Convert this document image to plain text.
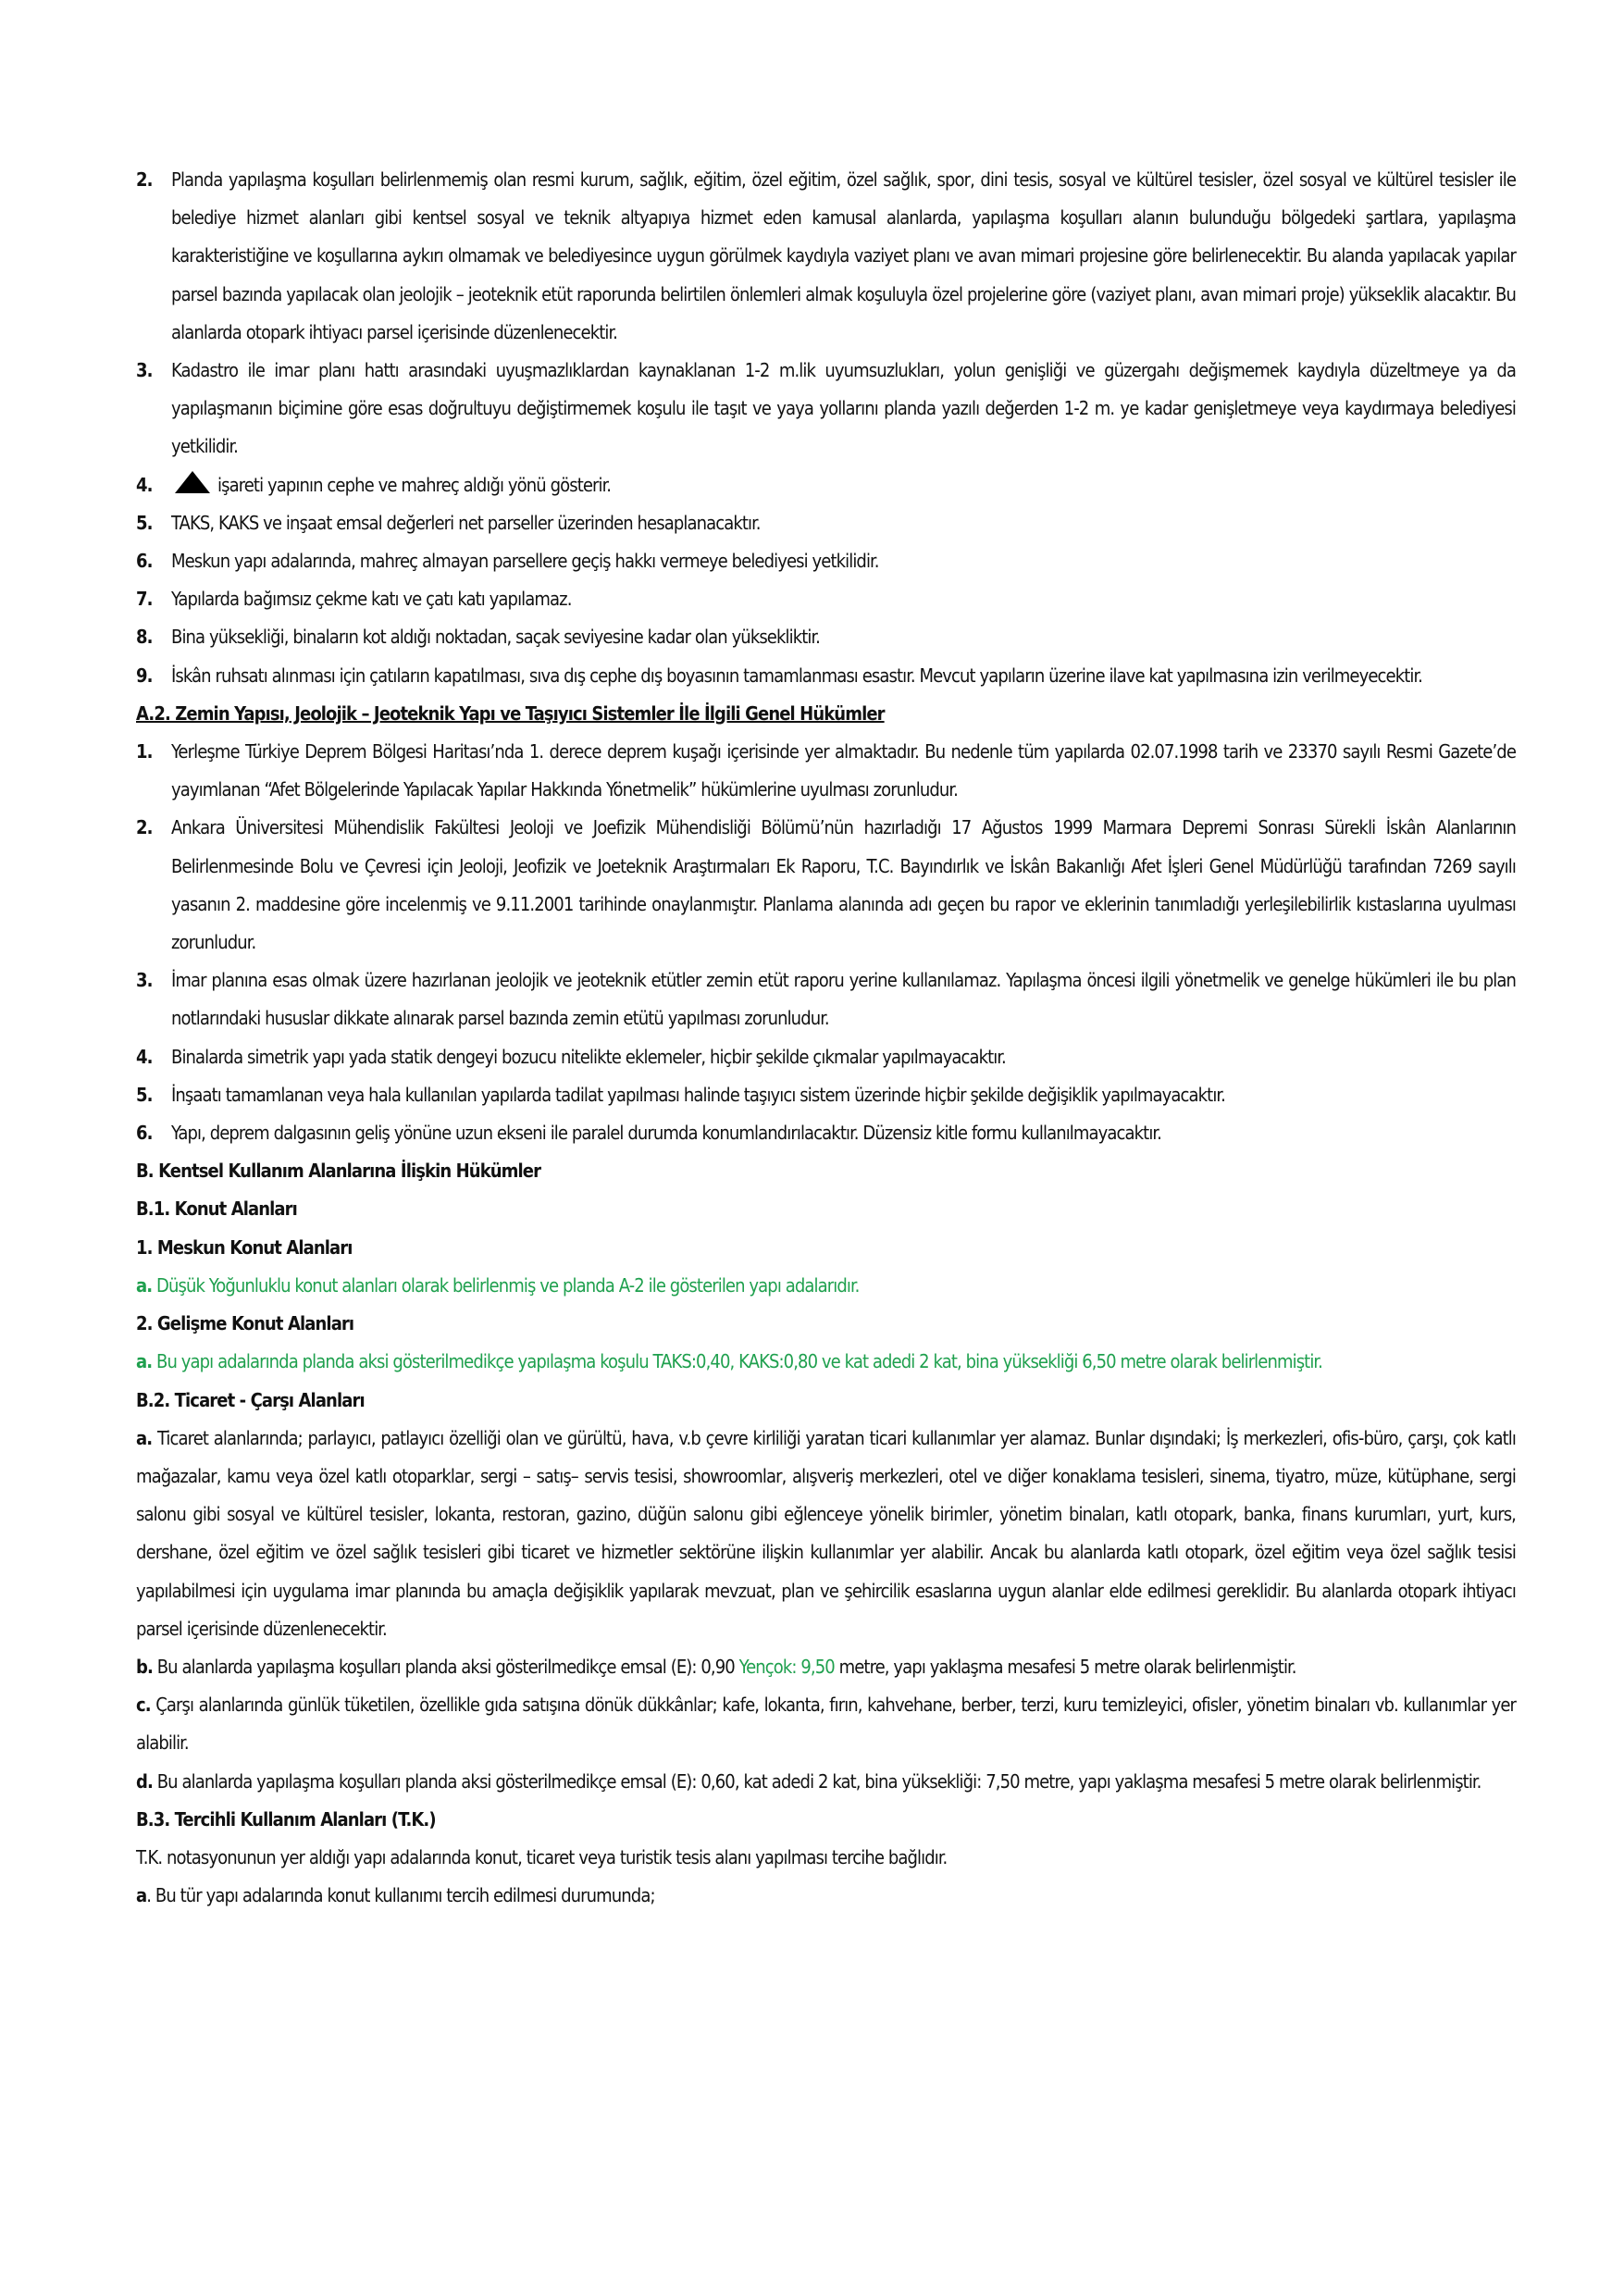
2.	Planda yapılaşma koşulları belirlenmemiş olan resmi kurum, sağlık, eğitim, özel eğitim, özel sağlık, spor, dini tesis, sosyal ve kültürel tesisler, özel sosyal ve kültürel tesisler ile belediye hizmet alanları gibi kentsel sosyal ve teknik altyapıya hizmet eden kamusal alanlarda, yapılaşma koşulları alanın bulunduğu bölgedeki şartlara, yapılaşma karakteristiğine ve koşullarına aykırı olmamak ve belediyesince uygun görülmek kaydıyla vaziyet planı ve avan mimari projesine göre belirlenecektir. Bu alanda yapılacak yapılar parsel bazında yapılacak olan jeolojik – jeoteknik etüt raporunda belirtilen önlemleri almak koşuluyla özel projelerine göre (vaziyet planı, avan mimari proje) yükseklik alacaktır. Bu alanlarda otopark ihtiyacı parsel içerisinde düzenlenecektir.
3.	Kadastro ile imar planı hattı arasındaki uyuşmazlıklardan kaynaklanan 1-2 m.lik uyumsuzlukları, yolun genişliği ve güzergahı değişmemek kaydıyla düzeltmeye ya da yapılaşmanın biçimine göre esas doğrultuyu değiştirmemek koşulu ile taşıt ve yaya yollarını planda yazılı değerden 1-2 m. ye kadar genişletmeye veya kaydırmaya belediyesi yetkilidir.
4.	işareti yapının cephe ve mahreç aldığı yönü gösterir.
5.	TAKS, KAKS ve inşaat emsal değerleri net parseller üzerinden hesaplanacaktır.
6.	Meskun yapı adalarında, mahreç almayan parsellere geçiş hakkı vermeye belediyesi yetkilidir.
7.	Yapılarda bağımsız çekme katı ve çatı katı yapılamaz.
8.	Bina yüksekliği, binaların kot aldığı noktadan, saçak seviyesine kadar olan yüksekliktir.
9.	İskân ruhsatı alınması için çatıların kapatılması, sıva dış cephe dış boyasının tamamlanması esastır. Mevcut yapıların üzerine ilave kat yapılmasına izin verilmeyecektir.
A.2. Zemin Yapısı, Jeolojik – Jeoteknik Yapı ve Taşıyıcı Sistemler İle İlgili Genel Hükümler
1.	Yerleşme Türkiye Deprem Bölgesi Haritası’nda 1. derece deprem kuşağı içerisinde yer almaktadır. Bu nedenle tüm yapılarda 02.07.1998 tarih ve 23370 sayılı Resmi Gazete’de yayımlanan “Afet Bölgelerinde Yapılacak Yapılar Hakkında Yönetmelik” hükümlerine uyulması zorunludur.
2.	Ankara Üniversitesi Mühendislik Fakültesi Jeoloji ve Joefizik Mühendisliği Bölümü’nün hazırladığı 17 Ağustos 1999 Marmara Depremi Sonrası Sürekli İskân Alanlarının Belirlenmesinde Bolu ve Çevresi için Jeoloji, Jeofizik ve Joeteknik Araştırmaları Ek Raporu, T.C. Bayındırlık ve İskân Bakanlığı Afet İşleri Genel Müdürlüğü tarafından 7269 sayılı yasanın 2. maddesine göre incelenmiş ve 9.11.2001 tarihinde onaylanmıştır. Planlama alanında adı geçen bu rapor ve eklerinin tanımladığı yerleşilebilirlik kıstaslarına uyulması zorunludur.
3.	İmar planına esas olmak üzere hazırlanan jeolojik ve jeoteknik etütler zemin etüt raporu yerine kullanılamaz. Yapılaşma öncesi ilgili yönetmelik ve genelge hükümleri ile bu plan notlarındaki hususlar dikkate alınarak parsel bazında zemin etütü yapılması zorunludur.
4.	Binalarda simetrik yapı yada statik dengeyi bozucu nitelikte eklemeler, hiçbir şekilde çıkmalar yapılmayacaktır.
5.	İnşaatı tamamlanan veya hala kullanılan yapılarda tadilat yapılması halinde taşıyıcı sistem üzerinde hiçbir şekilde değişiklik yapılmayacaktır.
6.	Yapı, deprem dalgasının geliş yönüne uzun ekseni ile paralel durumda konumlandırılacaktır. Düzensiz kitle formu kullanılmayacaktır.
B. Kentsel Kullanım Alanlarına İlişkin Hükümler
B.1. Konut Alanları
1. Meskun Konut Alanları
a. Düşük Yoğunluklu konut alanları olarak belirlenmiş ve planda A-2 ile gösterilen yapı adalarıdır.
2. Gelişme Konut Alanları
a. Bu yapı adalarında planda aksi gösterilmedikçe yapılaşma koşulu TAKS:0,40, KAKS:0,80 ve kat adedi 2 kat, bina yüksekliği 6,50 metre olarak belirlenmiştir.
B.2. Ticaret - Çarşı Alanları
a. Ticaret alanlarında; parlayıcı, patlayıcı özelliği olan ve gürültü, hava, v.b çevre kirliliği yaratan ticari kullanımlar yer alamaz. Bunlar dışındaki; İş merkezleri, ofis-büro, çarşı, çok katlı mağazalar, kamu veya özel katlı otoparklar, sergi – satış– servis tesisi, showroomlar, alışveriş merkezleri, otel ve diğer konaklama tesisleri, sinema, tiyatro, müze, kütüphane, sergi salonu gibi sosyal ve kültürel tesisler, lokanta, restoran, gazino, düğün salonu gibi eğlenceye yönelik birimler, yönetim binaları, katlı otopark, banka, finans kurumları, yurt, kurs, dershane, özel eğitim ve özel sağlık tesisleri gibi ticaret ve hizmetler sektörüne ilişkin kullanımlar yer alabilir. Ancak bu alanlarda katlı otopark, özel eğitim veya özel sağlık tesisi yapılabilmesi için uygulama imar planında bu amaçla değişiklik yapılarak mevzuat, plan ve şehircilik esaslarına uygun alanlar elde edilmesi gereklidir. Bu alanlarda otopark ihtiyacı parsel içerisinde düzenlenecektir.
b. Bu alanlarda yapılaşma koşulları planda aksi gösterilmedikçe emsal (E): 0,90 Yençok: 9,50 metre, yapı yaklaşma mesafesi 5 metre olarak belirlenmiştir.
c. Çarşı alanlarında günlük tüketilen, özellikle gıda satışına dönük dükkânlar; kafe, lokanta, fırın, kahvehane, berber, terzi, kuru temizleyici, ofisler, yönetim binaları vb. kullanımlar yer alabilir.
d. Bu alanlarda yapılaşma koşulları planda aksi gösterilmedikçe emsal (E): 0,60, kat adedi 2 kat, bina yüksekliği: 7,50 metre, yapı yaklaşma mesafesi 5 metre olarak belirlenmiştir.
B.3. Tercihli Kullanım Alanları (T.K.)
T.K. notasyonunun yer aldığı yapı adalarında konut, ticaret veya turistik tesis alanı yapılması tercihe bağlıdır.
a. Bu tür yapı adalarında konut kullanımı tercih edilmesi durumunda;
